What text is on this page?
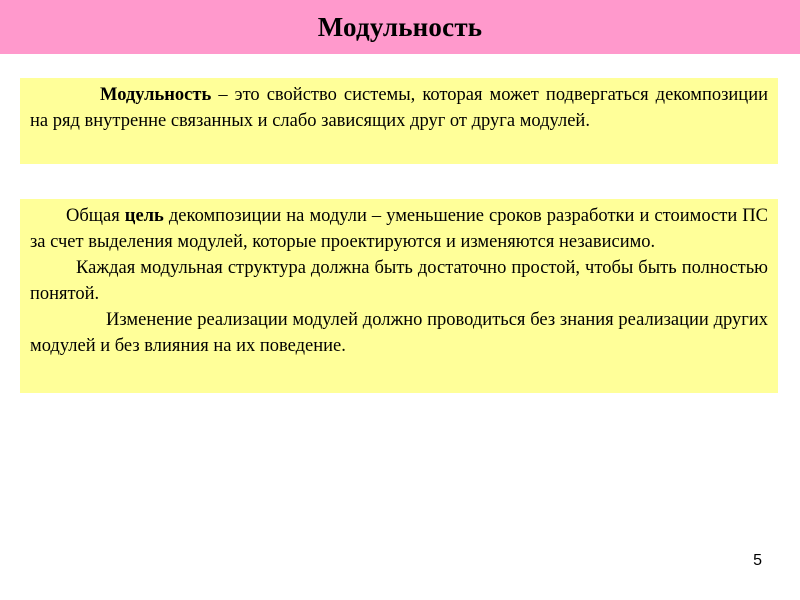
Модульность

Модульность – это свойство системы, которая может подвергаться декомпозиции на ряд внутренне связанных и слабо зависящих друг от друга модулей.

Общая цель декомпозиции на модули – уменьшение сроков разработки и стоимости ПС за счет выделения модулей, которые проектируются и изменяются независимо.

Каждая модульная структура должна быть достаточно простой, чтобы быть полностью понятой.

Изменение реализации модулей должно проводиться без знания реализации других модулей и без влияния на их поведение.

5
